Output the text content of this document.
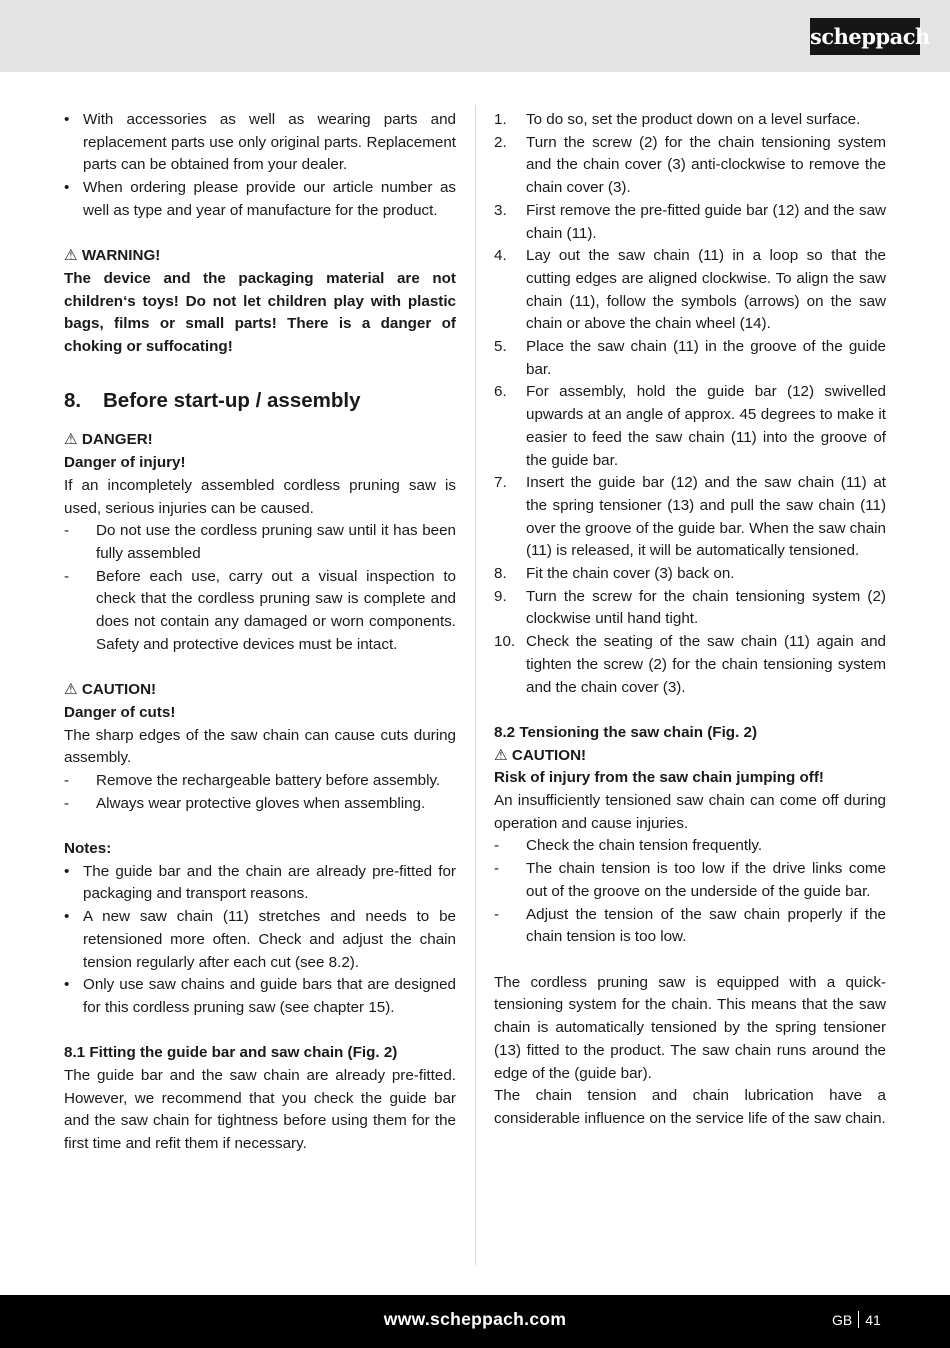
scheppach
• With accessories as well as wearing parts and replacement parts use only original parts. Replacement parts can be obtained from your dealer.
• When ordering please provide our article number as well as type and year of manufacture for the product.
⚠ WARNING!
The device and the packaging material are not children‘s toys! Do not let children play with plastic bags, films or small parts! There is a danger of choking or suffocating!
8. Before start-up / assembly
⚠ DANGER!
Danger of injury!
If an incompletely assembled cordless pruning saw is used, serious injuries can be caused.
- Do not use the cordless pruning saw until it has been fully assembled
- Before each use, carry out a visual inspection to check that the cordless pruning saw is complete and does not contain any damaged or worn components. Safety and protective devices must be intact.
⚠ CAUTION!
Danger of cuts!
The sharp edges of the saw chain can cause cuts during assembly.
- Remove the rechargeable battery before assembly.
- Always wear protective gloves when assembling.
Notes:
• The guide bar and the chain are already pre-fitted for packaging and transport reasons.
• A new saw chain (11) stretches and needs to be retensioned more often. Check and adjust the chain tension regularly after each cut (see 8.2).
• Only use saw chains and guide bars that are designed for this cordless pruning saw (see chapter 15).
8.1 Fitting the guide bar and saw chain (Fig. 2)
The guide bar and the saw chain are already pre-fitted. However, we recommend that you check the guide bar and the saw chain for tightness before using them for the first time and refit them if necessary.
1. To do so, set the product down on a level surface.
2. Turn the screw (2) for the chain tensioning system and the chain cover (3) anti-clockwise to remove the chain cover (3).
3. First remove the pre-fitted guide bar (12) and the saw chain (11).
4. Lay out the saw chain (11) in a loop so that the cutting edges are aligned clockwise. To align the saw chain (11), follow the symbols (arrows) on the saw chain or above the chain wheel (14).
5. Place the saw chain (11) in the groove of the guide bar.
6. For assembly, hold the guide bar (12) swivelled upwards at an angle of approx. 45 degrees to make it easier to feed the saw chain (11) into the groove of the guide bar.
7. Insert the guide bar (12) and the saw chain (11) at the spring tensioner (13) and pull the saw chain (11) over the groove of the guide bar. When the saw chain (11) is released, it will be automatically tensioned.
8. Fit the chain cover (3) back on.
9. Turn the screw for the chain tensioning system (2) clockwise until hand tight.
10. Check the seating of the saw chain (11) again and tighten the screw (2) for the chain tensioning system and the chain cover (3).
8.2 Tensioning the saw chain (Fig. 2)
⚠ CAUTION!
Risk of injury from the saw chain jumping off!
An insufficiently tensioned saw chain can come off during operation and cause injuries.
- Check the chain tension frequently.
- The chain tension is too low if the drive links come out of the groove on the underside of the guide bar.
- Adjust the tension of the saw chain properly if the chain tension is too low.
The cordless pruning saw is equipped with a quick-tensioning system for the chain. This means that the saw chain is automatically tensioned by the spring tensioner (13) fitted to the product. The saw chain runs around the edge of the (guide bar).
The chain tension and chain lubrication have a considerable influence on the service life of the saw chain.
www.scheppach.com	GB 41
